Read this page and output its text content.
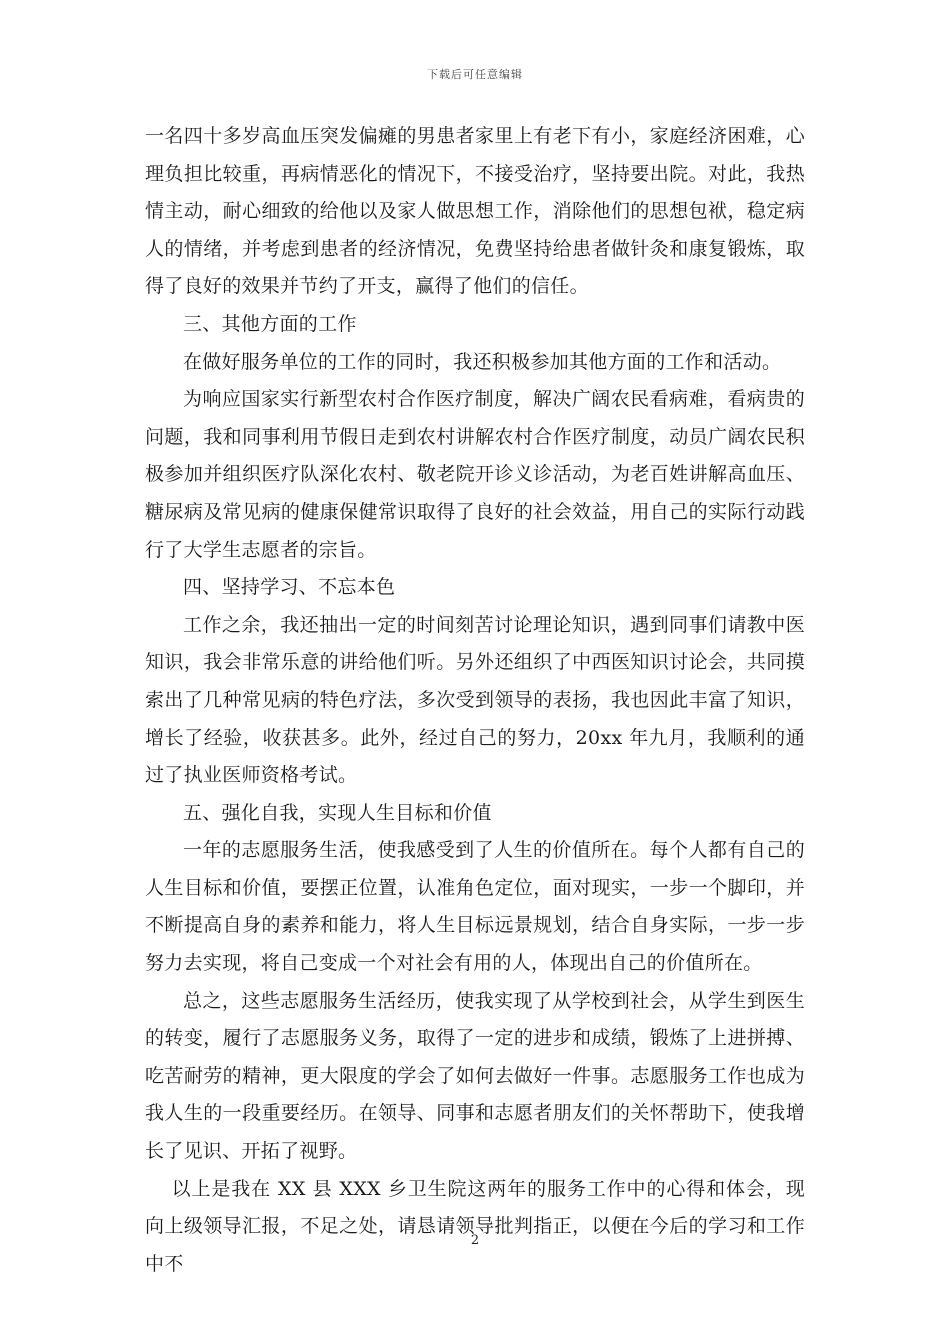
下载后可任意编辑

一名四十多岁高血压突发偏瘫的男患者家里上有老下有小，家庭经济困难，心理负担比较重，再病情恶化的情况下，不接受治疗，坚持要出院。对此，我热情主动，耐心细致的给他以及家人做思想工作，消除他们的思想包袱，稳定病人的情绪，并考虑到患者的经济情况，免费坚持给患者做针灸和康复锻炼，取得了良好的效果并节约了开支，赢得了他们的信任。

三、其他方面的工作

在做好服务单位的工作的同时，我还积极参加其他方面的工作和活动。

为响应国家实行新型农村合作医疗制度，解决广阔农民看病难，看病贵的问题，我和同事利用节假日走到农村讲解农村合作医疗制度，动员广阔农民积极参加并组织医疗队深化农村、敬老院开诊义诊活动，为老百姓讲解高血压、糖尿病及常见病的健康保健常识取得了良好的社会效益，用自己的实际行动践行了大学生志愿者的宗旨。

四、坚持学习、不忘本色

工作之余，我还抽出一定的时间刻苦讨论理论知识，遇到同事们请教中医知识，我会非常乐意的讲给他们听。另外还组织了中西医知识讨论会，共同摸索出了几种常见病的特色疗法，多次受到领导的表扬，我也因此丰富了知识，增长了经验，收获甚多。此外，经过自己的努力，20xx 年九月，我顺利的通过了执业医师资格考试。

五、强化自我，实现人生目标和价值

一年的志愿服务生活，使我感受到了人生的价值所在。每个人都有自己的人生目标和价值，要摆正位置，认准角色定位，面对现实，一步一个脚印，并不断提高自身的素养和能力，将人生目标远景规划，结合自身实际，一步一步努力去实现，将自己变成一个对社会有用的人，体现出自己的价值所在。

总之，这些志愿服务生活经历，使我实现了从学校到社会，从学生到医生的转变，履行了志愿服务义务，取得了一定的进步和成绩，锻炼了上进拼搏、吃苦耐劳的精神，更大限度的学会了如何去做好一件事。志愿服务工作也成为我人生的一段重要经历。在领导、同事和志愿者朋友们的关怀帮助下，使我增长了见识、开拓了视野。

以上是我在 XX 县 XXX 乡卫生院这两年的服务工作中的心得和体会，现向上级领导汇报，不足之处，请恳请领导批判指正，以便在今后的学习和工作中不

2
